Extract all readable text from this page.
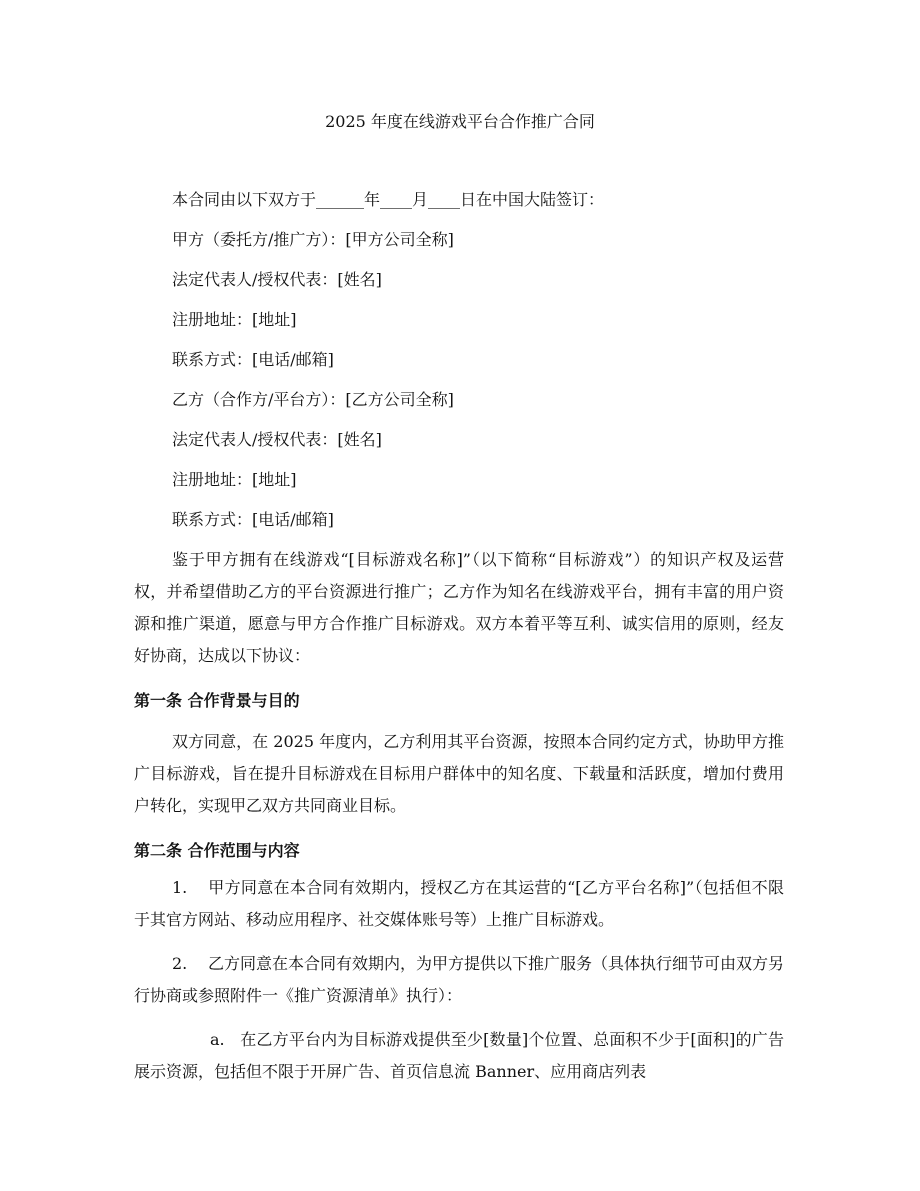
2025 年度在线游戏平台合作推广合同

本合同由以下双方于______年____月____日在中国大陆签订：

甲方（委托方/推广方）：[甲方公司全称]

法定代表人/授权代表：[姓名]

注册地址：[地址]

联系方式：[电话/邮箱]

乙方（合作方/平台方）：[乙方公司全称]

法定代表人/授权代表：[姓名]

注册地址：[地址]

联系方式：[电话/邮箱]

鉴于甲方拥有在线游戏“[目标游戏名称]”（以下简称“目标游戏”）的知识产权及运营权，并希望借助乙方的平台资源进行推广；乙方作为知名在线游戏平台，拥有丰富的用户资源和推广渠道，愿意与甲方合作推广目标游戏。双方本着平等互利、诚实信用的原则，经友好协商，达成以下协议：

第一条 合作背景与目的

双方同意，在 2025 年度内，乙方利用其平台资源，按照本合同约定方式，协助甲方推广目标游戏，旨在提升目标游戏在目标用户群体中的知名度、下载量和活跃度，增加付费用户转化，实现甲乙双方共同商业目标。

第二条 合作范围与内容

1. 甲方同意在本合同有效期内，授权乙方在其运营的“[乙方平台名称]”（包括但不限于其官方网站、移动应用程序、社交媒体账号等）上推广目标游戏。

2. 乙方同意在本合同有效期内，为甲方提供以下推广服务（具体执行细节可由双方另行协商或参照附件一《推广资源清单》执行）：

a. 在乙方平台内为目标游戏提供至少[数量]个位置、总面积不少于[面积]的广告展示资源，包括但不限于开屏广告、首页信息流 Banner、应用商店列表
